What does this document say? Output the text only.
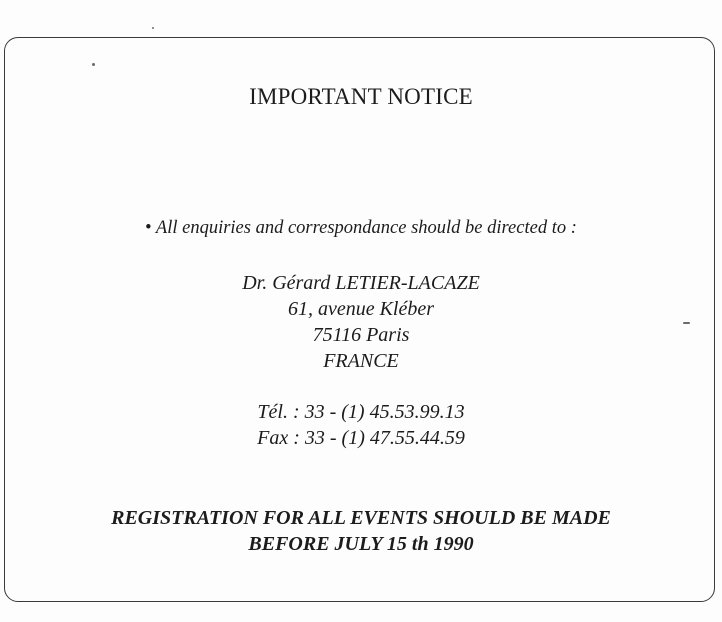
IMPORTANT NOTICE
• All enquiries and correspondance should be directed to :
Dr. Gérard LETIER-LACAZE
61, avenue Kléber
75116 Paris
FRANCE
Tél. : 33 - (1) 45.53.99.13
Fax : 33 - (1) 47.55.44.59
REGISTRATION FOR ALL EVENTS SHOULD BE MADE
BEFORE JULY 15 th 1990
